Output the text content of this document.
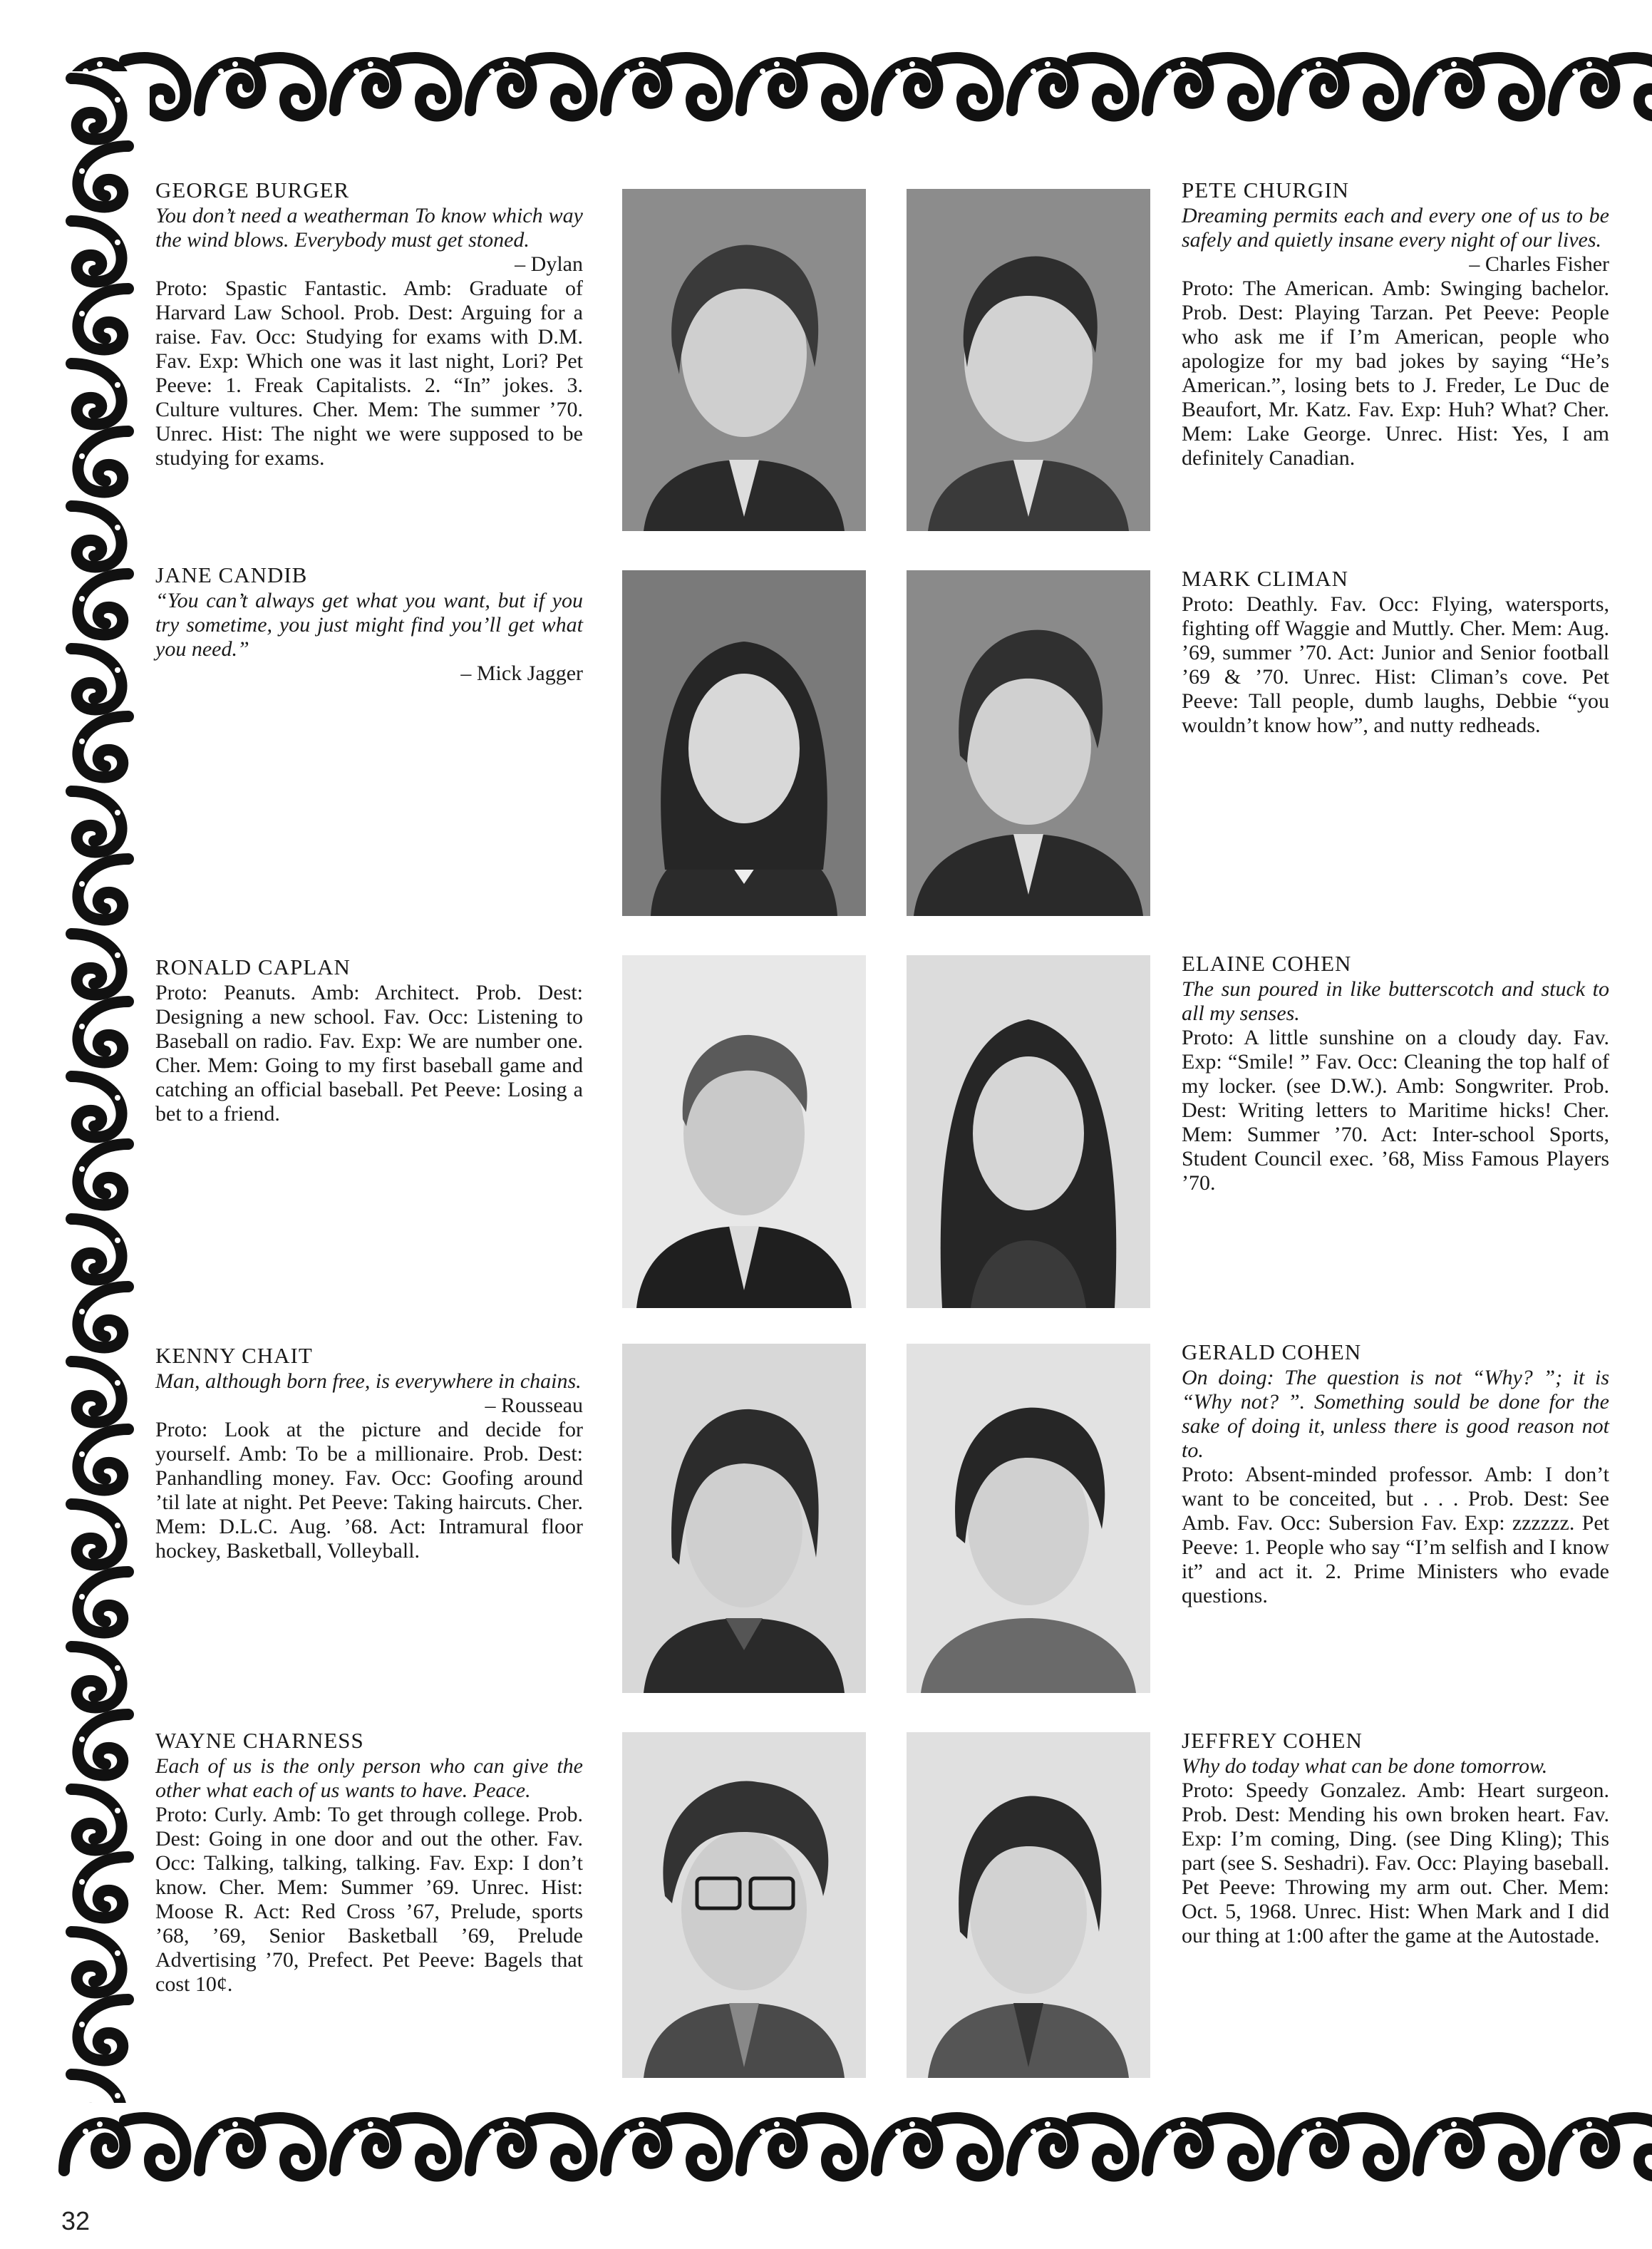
32
GEORGE BURGER
You don’t need a weatherman To know which way the wind blows. Everybody must get stoned.
– Dylan
Proto: Spastic Fantastic. Amb: Graduate of Harvard Law School. Prob. Dest: Arguing for a raise. Fav. Occ: Studying for exams with D.M. Fav. Exp: Which one was it last night, Lori? Pet Peeve: 1. Freak Capitalists. 2. “In” jokes. 3. Culture vultures. Cher. Mem: The summer ’70. Unrec. Hist: The night we were supposed to be studying for exams.
PETE CHURGIN
Dreaming permits each and every one of us to be safely and quietly insane every night of our lives.
– Charles Fisher
Proto: The American. Amb: Swinging bachelor. Prob. Dest: Playing Tarzan. Pet Peeve: People who ask me if I’m American, people who apologize for my bad jokes by saying “He’s American.”, losing bets to J. Freder, Le Duc de Beaufort, Mr. Katz. Fav. Exp: Huh? What? Cher. Mem: Lake George. Unrec. Hist: Yes, I am definitely Canadian.
JANE CANDIB
“You can’t always get what you want, but if you try sometime, you just might find you’ll get what you need.”
– Mick Jagger
MARK CLIMAN
Proto: Deathly. Fav. Occ: Flying, watersports, fighting off Waggie and Muttly. Cher. Mem: Aug. ’69, summer ’70. Act: Junior and Senior football ’69 & ’70. Unrec. Hist: Climan’s cove. Pet Peeve: Tall people, dumb laughs, Debbie “you wouldn’t know how”, and nutty redheads.
RONALD CAPLAN
Proto: Peanuts. Amb: Architect. Prob. Dest: Designing a new school. Fav. Occ: Listening to Baseball on radio. Fav. Exp: We are number one. Cher. Mem: Going to my first baseball game and catching an official baseball. Pet Peeve: Losing a bet to a friend.
ELAINE COHEN
The sun poured in like butterscotch and stuck to all my senses.
Proto: A little sunshine on a cloudy day. Fav. Exp: “Smile! ” Fav. Occ: Cleaning the top half of my locker. (see D.W.). Amb: Songwriter. Prob. Dest: Writing letters to Maritime hicks! Cher. Mem: Summer ’70. Act: Inter-school Sports, Student Council exec. ’68, Miss Famous Players ’70.
KENNY CHAIT
Man, although born free, is everywhere in chains.
– Rousseau
Proto: Look at the picture and decide for yourself. Amb: To be a millionaire. Prob. Dest: Panhandling money. Fav. Occ: Goofing around ’til late at night. Pet Peeve: Taking haircuts. Cher. Mem: D.L.C. Aug. ’68. Act: Intramural floor hockey, Basketball, Volleyball.
GERALD COHEN
On doing: The question is not “Why? ”; it is “Why not? ”. Something sould be done for the sake of doing it, unless there is good reason not to.
Proto: Absent-minded professor. Amb: I don’t want to be conceited, but . . . Prob. Dest: See Amb. Fav. Occ: Subersion Fav. Exp: zzzzzz. Pet Peeve: 1. People who say “I’m selfish and I know it” and act it. 2. Prime Ministers who evade questions.
WAYNE CHARNESS
Each of us is the only person who can give the other what each of us wants to have. Peace.
Proto: Curly. Amb: To get through college. Prob. Dest: Going in one door and out the other. Fav. Occ: Talking, talking, talking. Fav. Exp: I don’t know. Cher. Mem: Summer ’69. Unrec. Hist: Moose R. Act: Red Cross ’67, Prelude, sports ’68, ’69, Senior Basketball ’69, Prelude Advertising ’70, Prefect. Pet Peeve: Bagels that cost 10¢.
JEFFREY COHEN
Why do today what can be done tomorrow.
Proto: Speedy Gonzalez. Amb: Heart surgeon. Prob. Dest: Mending his own broken heart. Fav. Exp: I’m coming, Ding. (see Ding Kling); This part (see S. Seshadri). Fav. Occ: Playing baseball. Pet Peeve: Throwing my arm out. Cher. Mem: Oct. 5, 1968. Unrec. Hist: When Mark and I did our thing at 1:00 after the game at the Autostade.
